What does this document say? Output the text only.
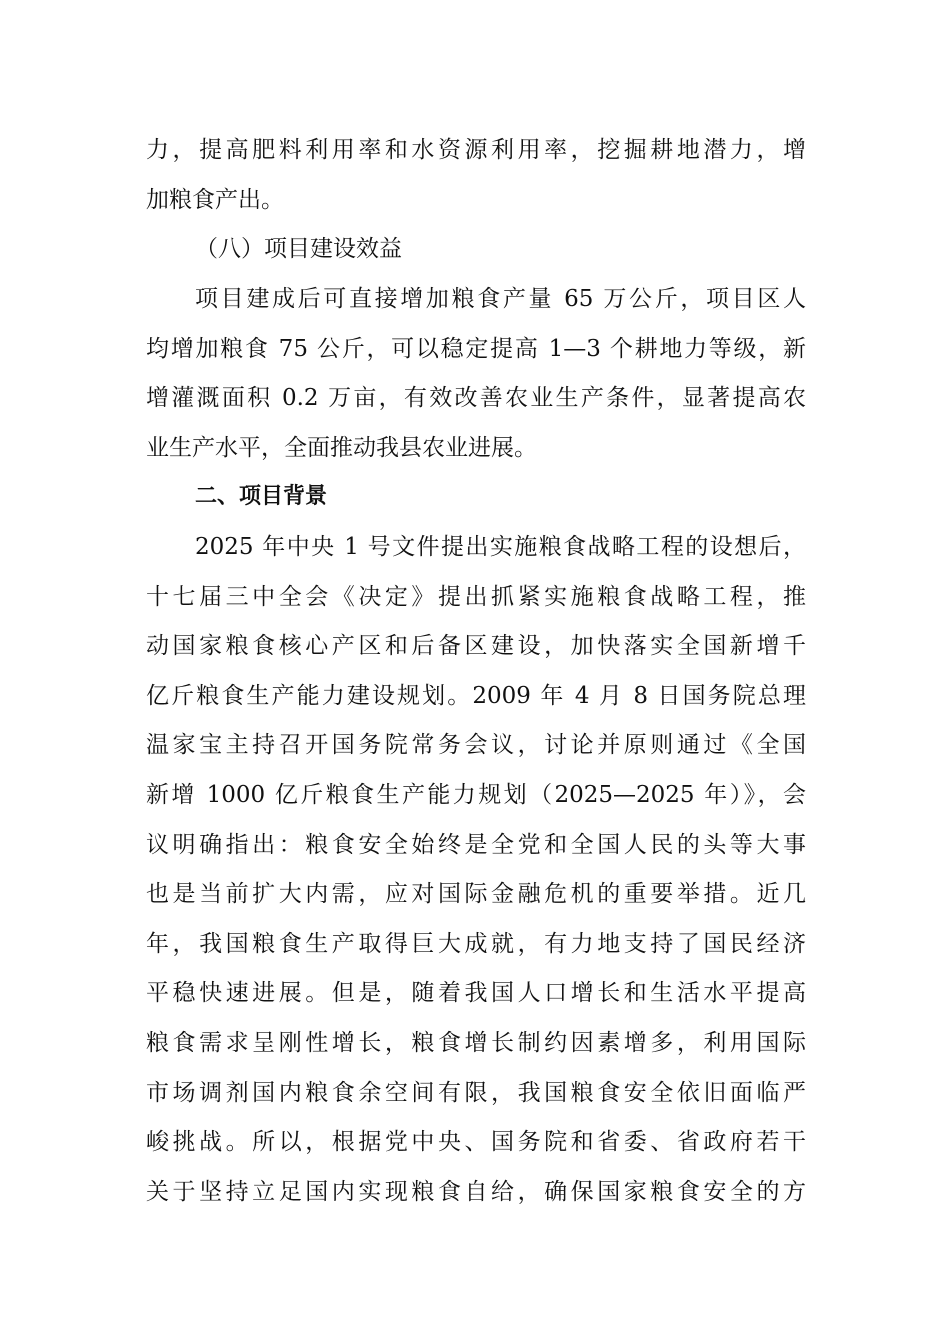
力，提高肥料利用率和水资源利用率，挖掘耕地潜力，增
加粮食产出。
（八）项目建设效益
项目建成后可直接增加粮食产量 65 万公斤，项目区人
均增加粮食 75 公斤，可以稳定提高 1—3 个耕地力等级，新
增灌溉面积 0.2 万亩，有效改善农业生产条件，显著提高农
业生产水平，全面推动我县农业进展。
二、项目背景
2025 年中央 1 号文件提出实施粮食战略工程的设想后，
十七届三中全会《决定》提出抓紧实施粮食战略工程，推
动国家粮食核心产区和后备区建设，加快落实全国新增千
亿斤粮食生产能力建设规划。2009 年 4 月 8 日国务院总理
温家宝主持召开国务院常务会议，讨论并原则通过《全国
新增 1000 亿斤粮食生产能力规划（2025—2025 年）》，会
议明确指出：粮食安全始终是全党和全国人民的头等大事
也是当前扩大内需，应对国际金融危机的重要举措。近几
年，我国粮食生产取得巨大成就，有力地支持了国民经济
平稳快速进展。但是，随着我国人口增长和生活水平提高
粮食需求呈刚性增长，粮食增长制约因素增多，利用国际
市场调剂国内粮食余空间有限，我国粮食安全依旧面临严
峻挑战。所以，根据党中央、国务院和省委、省政府若干
关于坚持立足国内实现粮食自给，确保国家粮食安全的方
